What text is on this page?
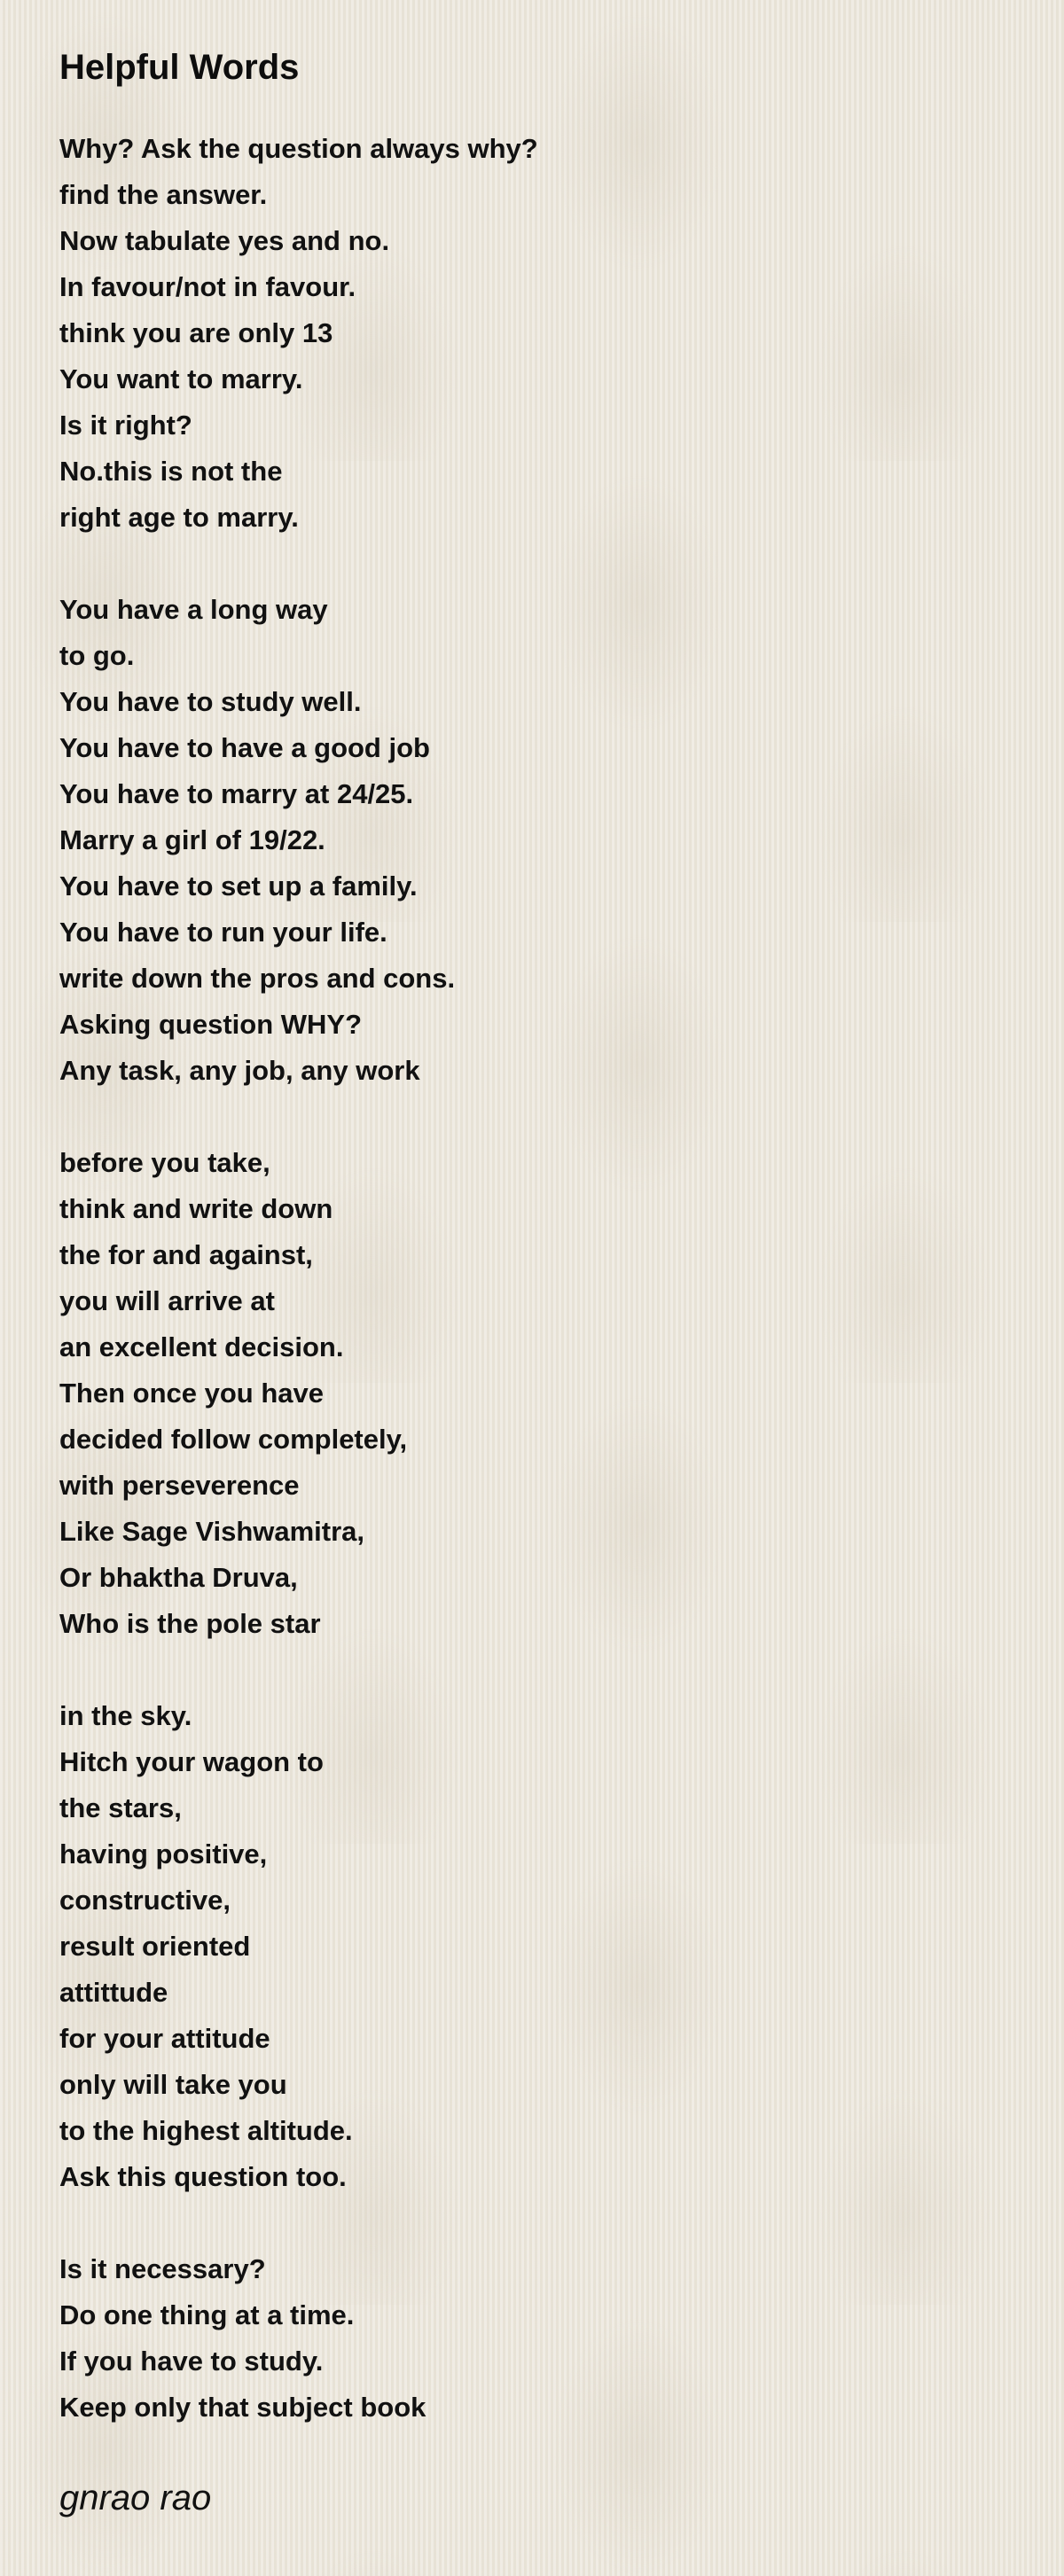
Helpful Words
Why? Ask the question always why?
find the answer.
Now tabulate yes and no.
In favour/not in favour.
think you are only 13
You want to marry.
Is it right?
No.this is not the
right age to marry.
You have a long way
to go.
You have to study well.
You have to have a good job
You have to marry at 24/25.
Marry a girl of 19/22.
You have to set up a family.
You have to run your life.
write down the pros and cons.
Asking question WHY?
Any task, any job, any work
before you take,
think and write down
the for and against,
you will arrive at
an excellent decision.
Then once you have
decided follow completely,
with perseverence
Like Sage Vishwamitra,
Or bhaktha Druva,
Who is the pole star
in the sky.
Hitch your wagon to
the stars,
having positive,
constructive,
result oriented
attittude
for your attitude
only will take you
to the highest altitude.
Ask this question too.
Is it necessary?
Do one thing at a time.
If you have to study.
Keep only that subject book
gnrao rao
